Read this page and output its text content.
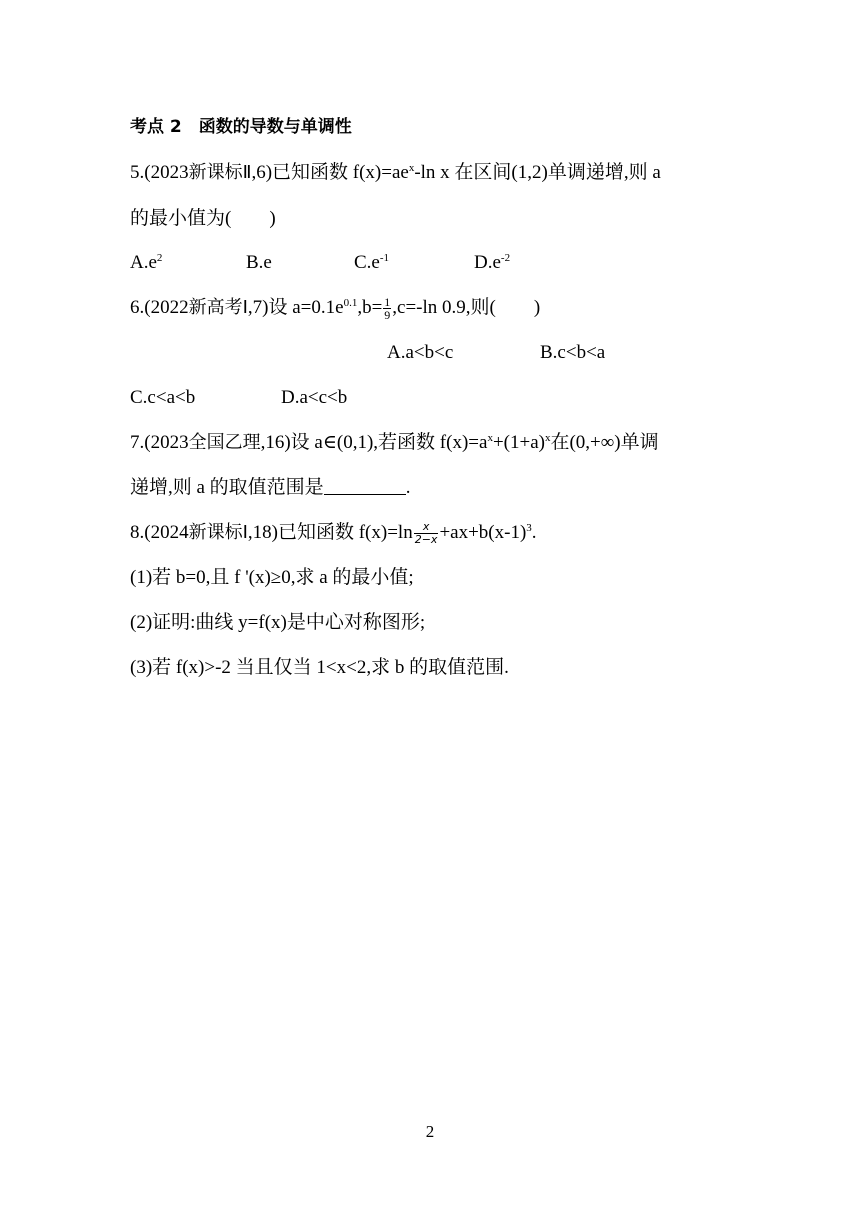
考点 2　函数的导数与单调性
5.(2023新课标Ⅱ,6)已知函数 $f(x)=ae^x-\ln$ x 在区间(1,2)单调递增,则 a
的最小值为(　　)
$A.e^2$	B.e	$C.e^{-1}$	$D.e^{-2}$
6.(2022新高考Ⅰ,7)设 $a=0.1e^{0.1},b= \frac{1}{9} ,c=-\ln$ 0.9,则(　　)
A.a<b<c	B.c<b<a
C.c<a<b	D.a<c<b
7.(2023全国乙理,16)设 a∈(0,1),若函数 $f(x)=a^x+(1+a)^x$在(0,+∞)单调
递增,则 a 的取值范围是	.
8.(2024新课标Ⅰ,18)已知函数 $f(x)=\ln \frac{x}{2-x} +ax+b(x-1)^3$.
(1)若 b=0,且 f '(x)≥0,求 a 的最小值;
(2)证明:曲线 y=f(x)是中心对称图形;
(3)若 f(x)>-2 当且仅当 1<x<2,求 b 的取值范围.
2
